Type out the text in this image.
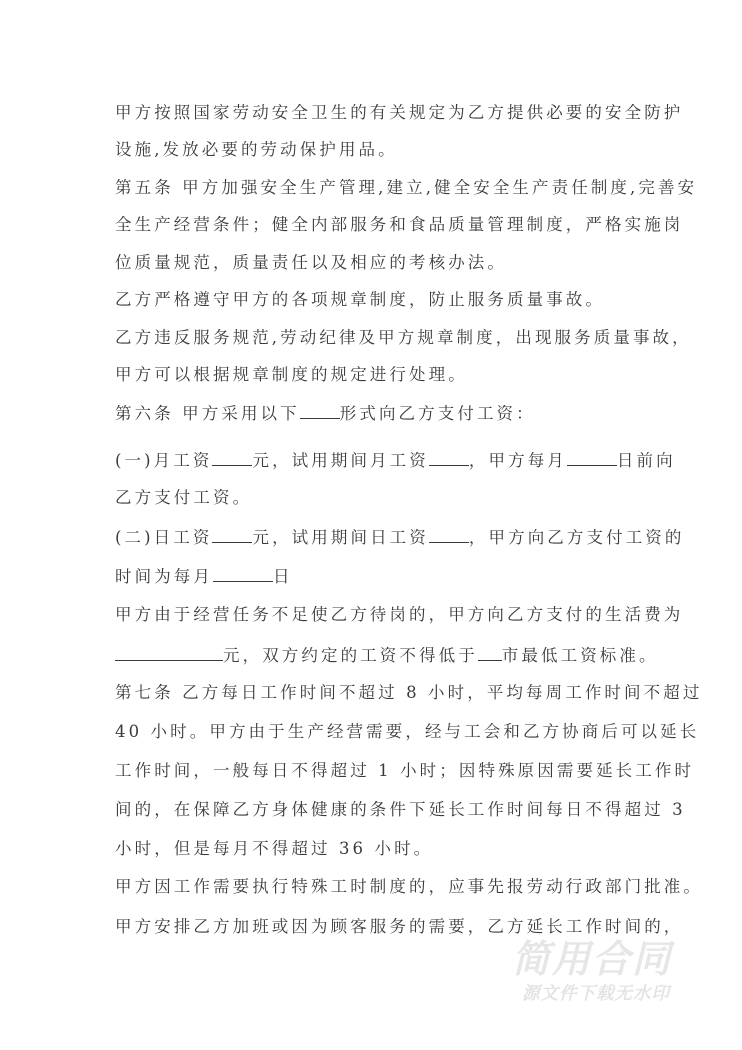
甲方按照国家劳动安全卫生的有关规定为乙方提供必要的安全防护
设施,发放必要的劳动保护用品。
第五条 甲方加强安全生产管理,建立,健全安全生产责任制度,完善安
全生产经营条件；健全内部服务和食品质量管理制度，严格实施岗
位质量规范，质量责任以及相应的考核办法。
乙方严格遵守甲方的各项规章制度，防止服务质量事故。
乙方违反服务规范,劳动纪律及甲方规章制度，出现服务质量事故，
甲方可以根据规章制度的规定进行处理。
第六条 甲方采用以下 形式向乙方支付工资：
(一)月工资 元，试用期间月工资 ，甲方每月	日前向
乙方支付工资。
(二)日工资 元，试用期间日工资 ，甲方向乙方支付工资的
时间为每月	日
甲方由于经营任务不足使乙方待岗的，甲方向乙方支付的生活费为
元，双方约定的工资不得低于 市最低工资标准。
第七条 乙方每日工作时间不超过 8 小时，平均每周工作时间不超过
40 小时。甲方由于生产经营需要，经与工会和乙方协商后可以延长
工作时间，一般每日不得超过 1 小时；因特殊原因需要延长工作时
间的，在保障乙方身体健康的条件下延长工作时间每日不得超过 3
小时，但是每月不得超过 36 小时。
甲方因工作需要执行特殊工时制度的，应事先报劳动行政部门批准。
甲方安排乙方加班或因为顾客服务的需要，乙方延长工作时间的，
简用合同
源文件下载无水印
